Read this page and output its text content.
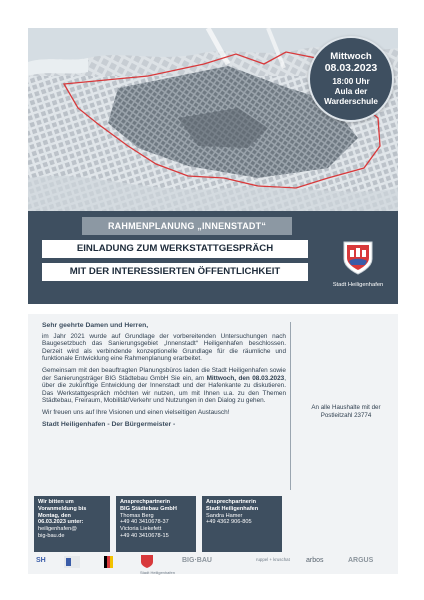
Mittwoch
08.03.2023
18:00 Uhr
Aula der
Warderschule
RAHMENPLANUNG „INNENSTADT“
EINLADUNG ZUM WERKSTATTGESPRÄCH
MIT DER INTERESSIERTEN ÖFFENTLICHKEIT
Stadt Heiligenhafen
Sehr geehrte Damen und Herren,

im Jahr 2021 wurde auf Grundlage der vorbereitenden Untersuchungen nach Baugesetzbuch das Sanierungsgebiet „Innenstadt“ Heiligenhafen beschlossen. Derzeit wird als verbindende konzeptionelle Grundlage für die räumliche und funktionale Entwicklung eine Rahmenplanung erarbeitet.

Gemeinsam mit den beauftragten Planungsbüros laden die Stadt Heiligenhafen sowie der Sanierungsträger BIG Städtebau GmbH Sie ein, am Mittwoch, den 08.03.2023, über die zukünftige Entwicklung der Innenstadt und der Hafenkante zu diskutieren. Das Werkstattgespräch möchten wir nutzen, um mit Ihnen u.a. zu den Themen Städtebau, Freiraum, Mobilität/Verkehr und Nutzungen in den Dialog zu gehen.

Wir freuen uns auf Ihre Visionen und einen vielseitigen Austausch!

Stadt Heiligenhafen - Der Bürgermeister -
An alle Haushalte mit der
Postleitzahl 23774
Wir bitten um
Voranmeldung bis
Montag, den
06.03.2023 unter:
heiligenhafen@
big-bau.de
Ansprechpartnerin
BIG Städtebau GmbH
Thomas Berg
+49 40 3410678-37
Victoria Liekefett
+49 40 3410678-15
Ansprechpartnerin
Stadt Heiligenhafen
Sandra Hamer
+49 4362 906-805
SH
Stadt Heiligenhafen
BIG·BAU	ruppel + kruschat arbos	ARGUS
